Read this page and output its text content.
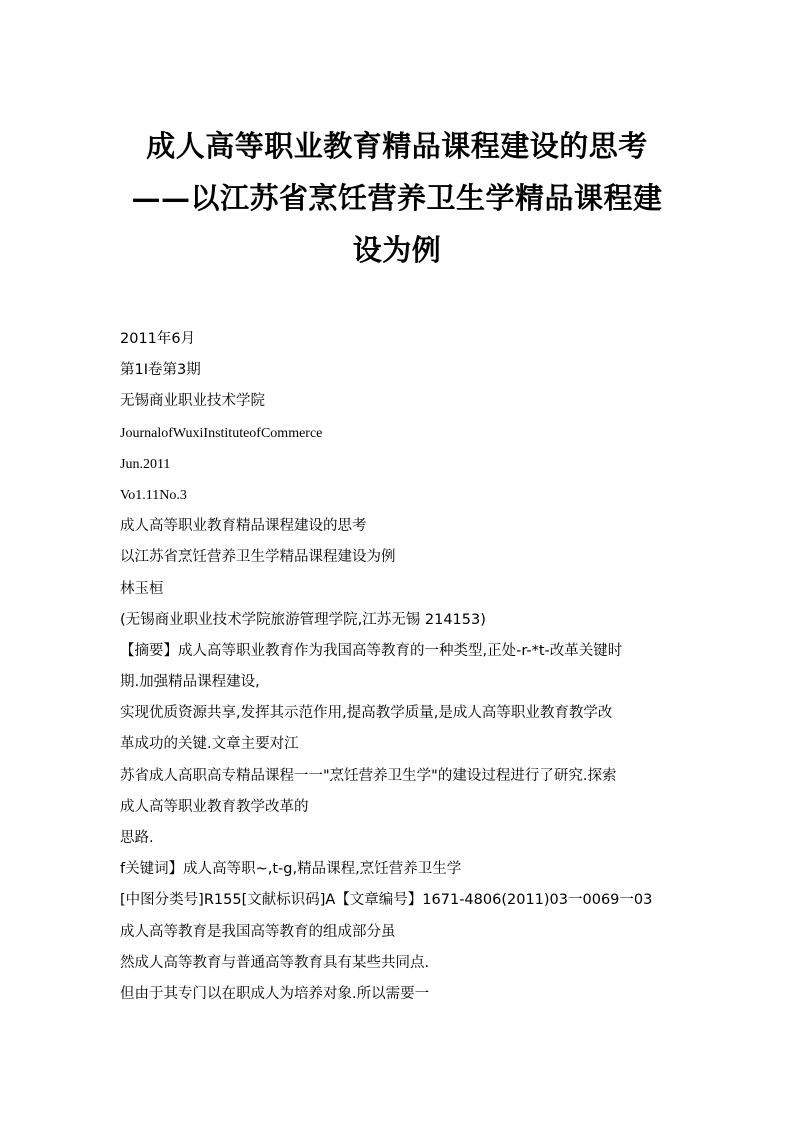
成人高等职业教育精品课程建设的思考
——以江苏省烹饪营养卫生学精品课程建
设为例
2011年6月
第1I卷第3期
无锡商业职业技术学院
JournalofWuxiInstituteofCommerce
Jun.2011
Vo1.11No.3
成人高等职业教育精品课程建设的思考
以江苏省烹饪营养卫生学精品课程建设为例
林玉桓
(无锡商业职业技术学院旅游管理学院,江苏无锡 214153)
【摘要】成人高等职业教育作为我国高等教育的一种类型,正处-r-*t-改革关键时
期.加强精品课程建设,
实现优质资源共享,发挥其示范作用,提高教学质量,是成人高等职业教育教学改
革成功的关键.文章主要对江
苏省成人高职高专精品课程一一"烹饪营养卫生学"的建设过程进行了研究.探索
成人高等职业教育教学改革的
思路.
f关键词】成人高等职~,t-g,精品课程,烹饪营养卫生学
[中图分类号]R155[文献标识码]A【文章编号】1671-4806(2011)03一0069一03
成人高等教育是我国高等教育的组成部分虽
然成人高等教育与普通高等教育具有某些共同点.
但由于其专门以在职成人为培养对象.所以需要一
